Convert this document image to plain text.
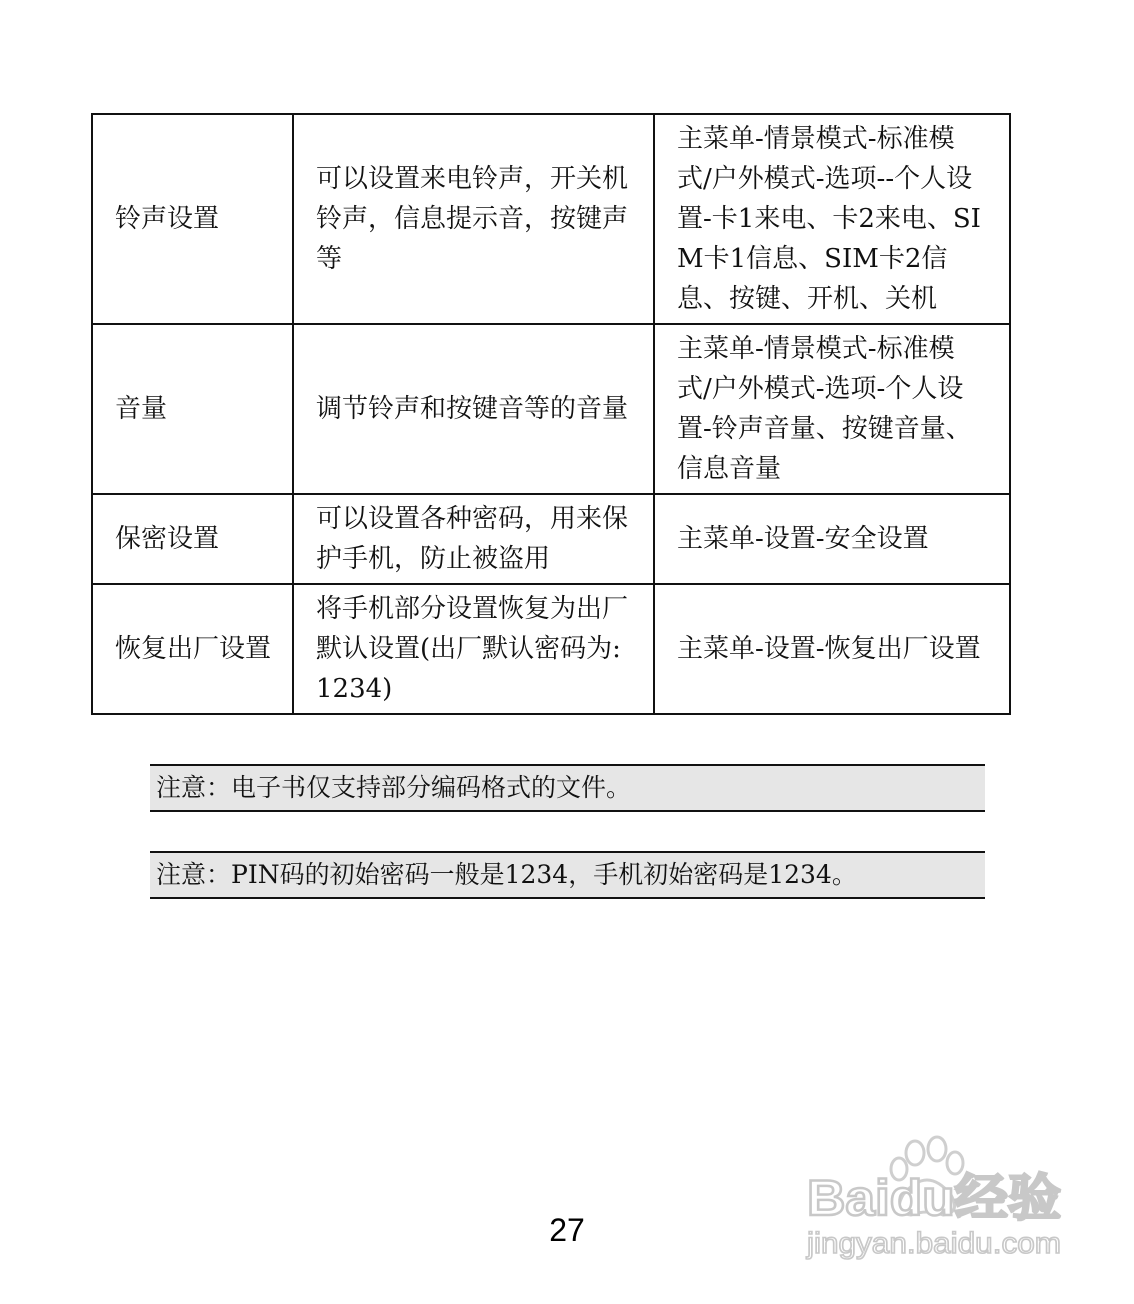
铃声设置	可以设置来电铃声，开关机铃声，信息提示音，按键声等	主菜单-情景模式-标准模式/户外模式-选项--个人设置-卡1来电、卡2来电、SIM卡1信息、SIM卡2信息、按键、开机、关机
音量	调节铃声和按键音等的音量	主菜单-情景模式-标准模式/户外模式-选项-个人设置-铃声音量、按键音量、信息音量
保密设置	可以设置各种密码，用来保护手机，防止被盗用	主菜单-设置-安全设置
恢复出厂设置	将手机部分设置恢复为出厂默认设置(出厂默认密码为:1234)	主菜单-设置-恢复出厂设置
注意：电子书仅支持部分编码格式的文件。
注意：PIN码的初始密码一般是1234，手机初始密码是1234。
27
Baidu经验
jingyan.baidu.com
